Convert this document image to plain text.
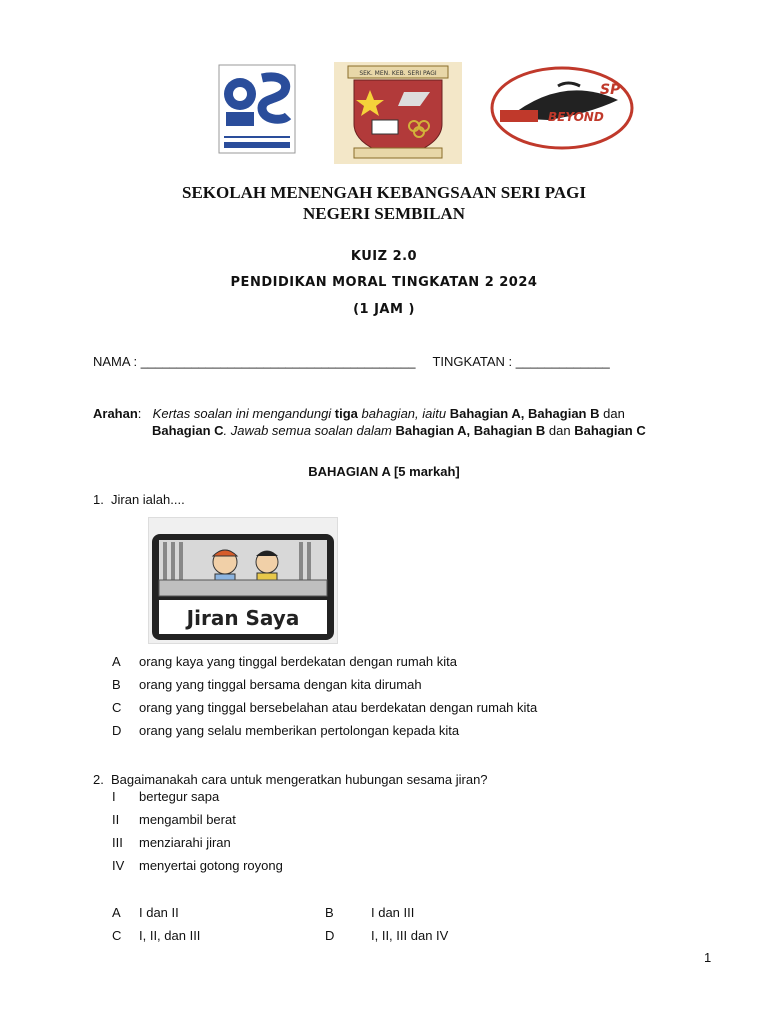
25
SEK. MEN. KEB. SERI PAGI
BEYOND
SP
SEKOLAH MENENGAH KEBANGSAAN SERI PAGI
NEGERI SEMBILAN
KUIZ 2.0
PENDIDIKAN MORAL TINGKATAN 2 2024
(1 JAM )
NAMA : ______________________________________ TINGKATAN : _____________
Arahan: Kertas soalan ini mengandungi tiga bahagian, iaitu Bahagian A, Bahagian B dan
Bahagian C. Jawab semua soalan dalam Bahagian A, Bahagian B dan Bahagian C
BAHAGIAN A [5 markah]
1. Jiran ialah....
Jiran Saya
A orang kaya yang tinggal berdekatan dengan rumah kita
B orang yang tinggal bersama dengan kita dirumah
C orang yang tinggal bersebelahan atau berdekatan dengan rumah kita
D orang yang selalu memberikan pertolongan kepada kita
2. Bagaimanakah cara untuk mengeratkan hubungan sesama jiran?
I bertegur sapa
II mengambil berat
III menziarahi jiran
IV menyertai gotong royong
A I dan II	B	I dan III
C I, II, dan III	D	I, II, III dan IV
1
